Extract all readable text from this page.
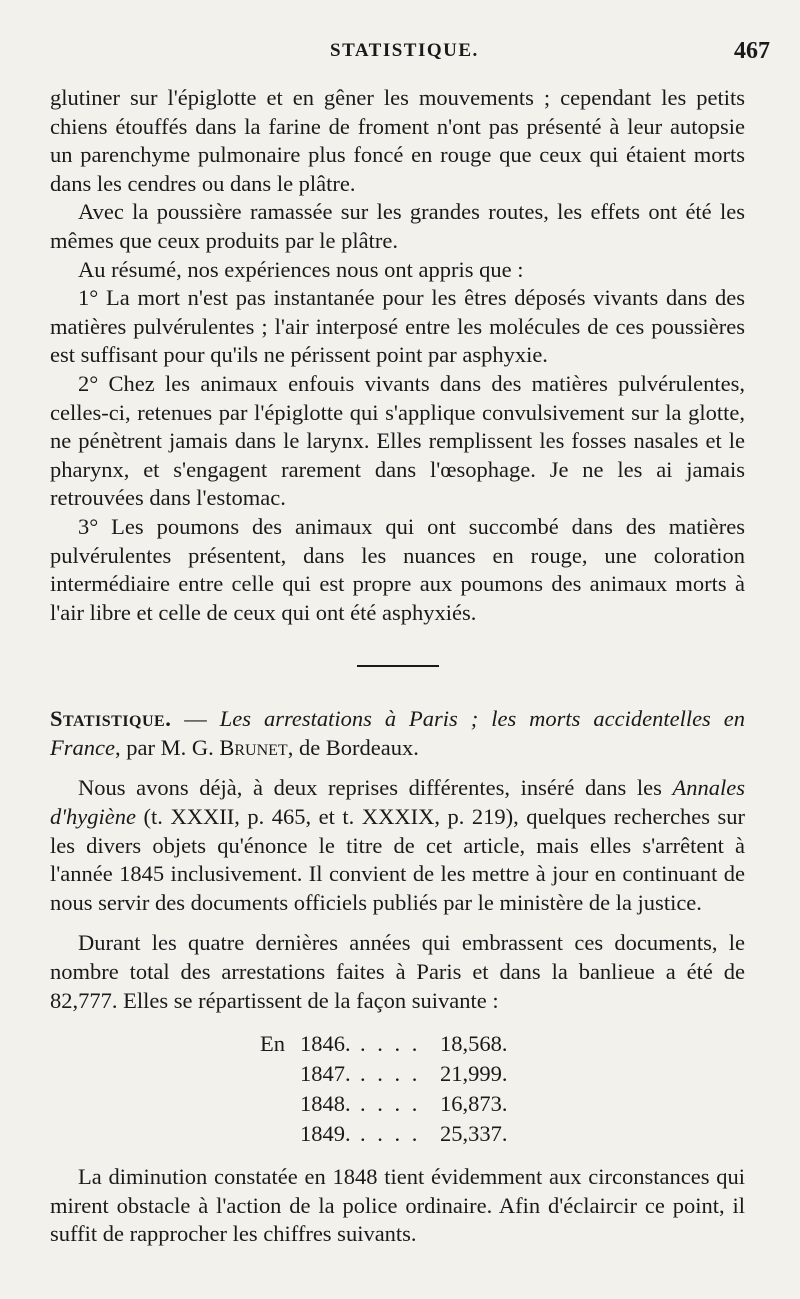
STATISTIQUE.	467

glutiner sur l'épiglotte et en gêner les mouvements ; cependant les petits chiens étouffés dans la farine de froment n'ont pas présenté à leur autopsie un parenchyme pulmonaire plus foncé en rouge que ceux qui étaient morts dans les cendres ou dans le plâtre.

Avec la poussière ramassée sur les grandes routes, les effets ont été les mêmes que ceux produits par le plâtre.

Au résumé, nos expériences nous ont appris que :

1° La mort n'est pas instantanée pour les êtres déposés vivants dans des matières pulvérulentes ; l'air interposé entre les molécules de ces poussières est suffisant pour qu'ils ne périssent point par asphyxie.

2° Chez les animaux enfouis vivants dans des matières pulvérulentes, celles-ci, retenues par l'épiglotte qui s'applique convulsivement sur la glotte, ne pénètrent jamais dans le larynx. Elles remplissent les fosses nasales et le pharynx, et s'engagent rarement dans l'œsophage. Je ne les ai jamais retrouvées dans l'estomac.

3° Les poumons des animaux qui ont succombé dans des matières pulvérulentes présentent, dans les nuances en rouge, une coloration intermédiaire entre celle qui est propre aux poumons des animaux morts à l'air libre et celle de ceux qui ont été asphyxiés.

Statistique. — Les arrestations à Paris ; les morts accidentelles en France, par M. G. Brunet, de Bordeaux.

Nous avons déjà, à deux reprises différentes, inséré dans les Annales d'hygiène (t. XXXII, p. 465, et t. XXXIX, p. 219), quelques recherches sur les divers objets qu'énonce le titre de cet article, mais elles s'arrêtent à l'année 1845 inclusivement. Il convient de les mettre à jour en continuant de nous servir des documents officiels publiés par le ministère de la justice.

Durant les quatre dernières années qui embrassent ces documents, le nombre total des arrestations faites à Paris et dans la banlieue a été de 82,777. Elles se répartissent de la façon suivante :

En 1846. . . . . 18,568.
1847. . . . . 21,999.
1848. . . . . 16,873.
1849. . . . . 25,337.

La diminution constatée en 1848 tient évidemment aux circonstances qui mirent obstacle à l'action de la police ordinaire. Afin d'éclaircir ce point, il suffit de rapprocher les chiffres suivants.
